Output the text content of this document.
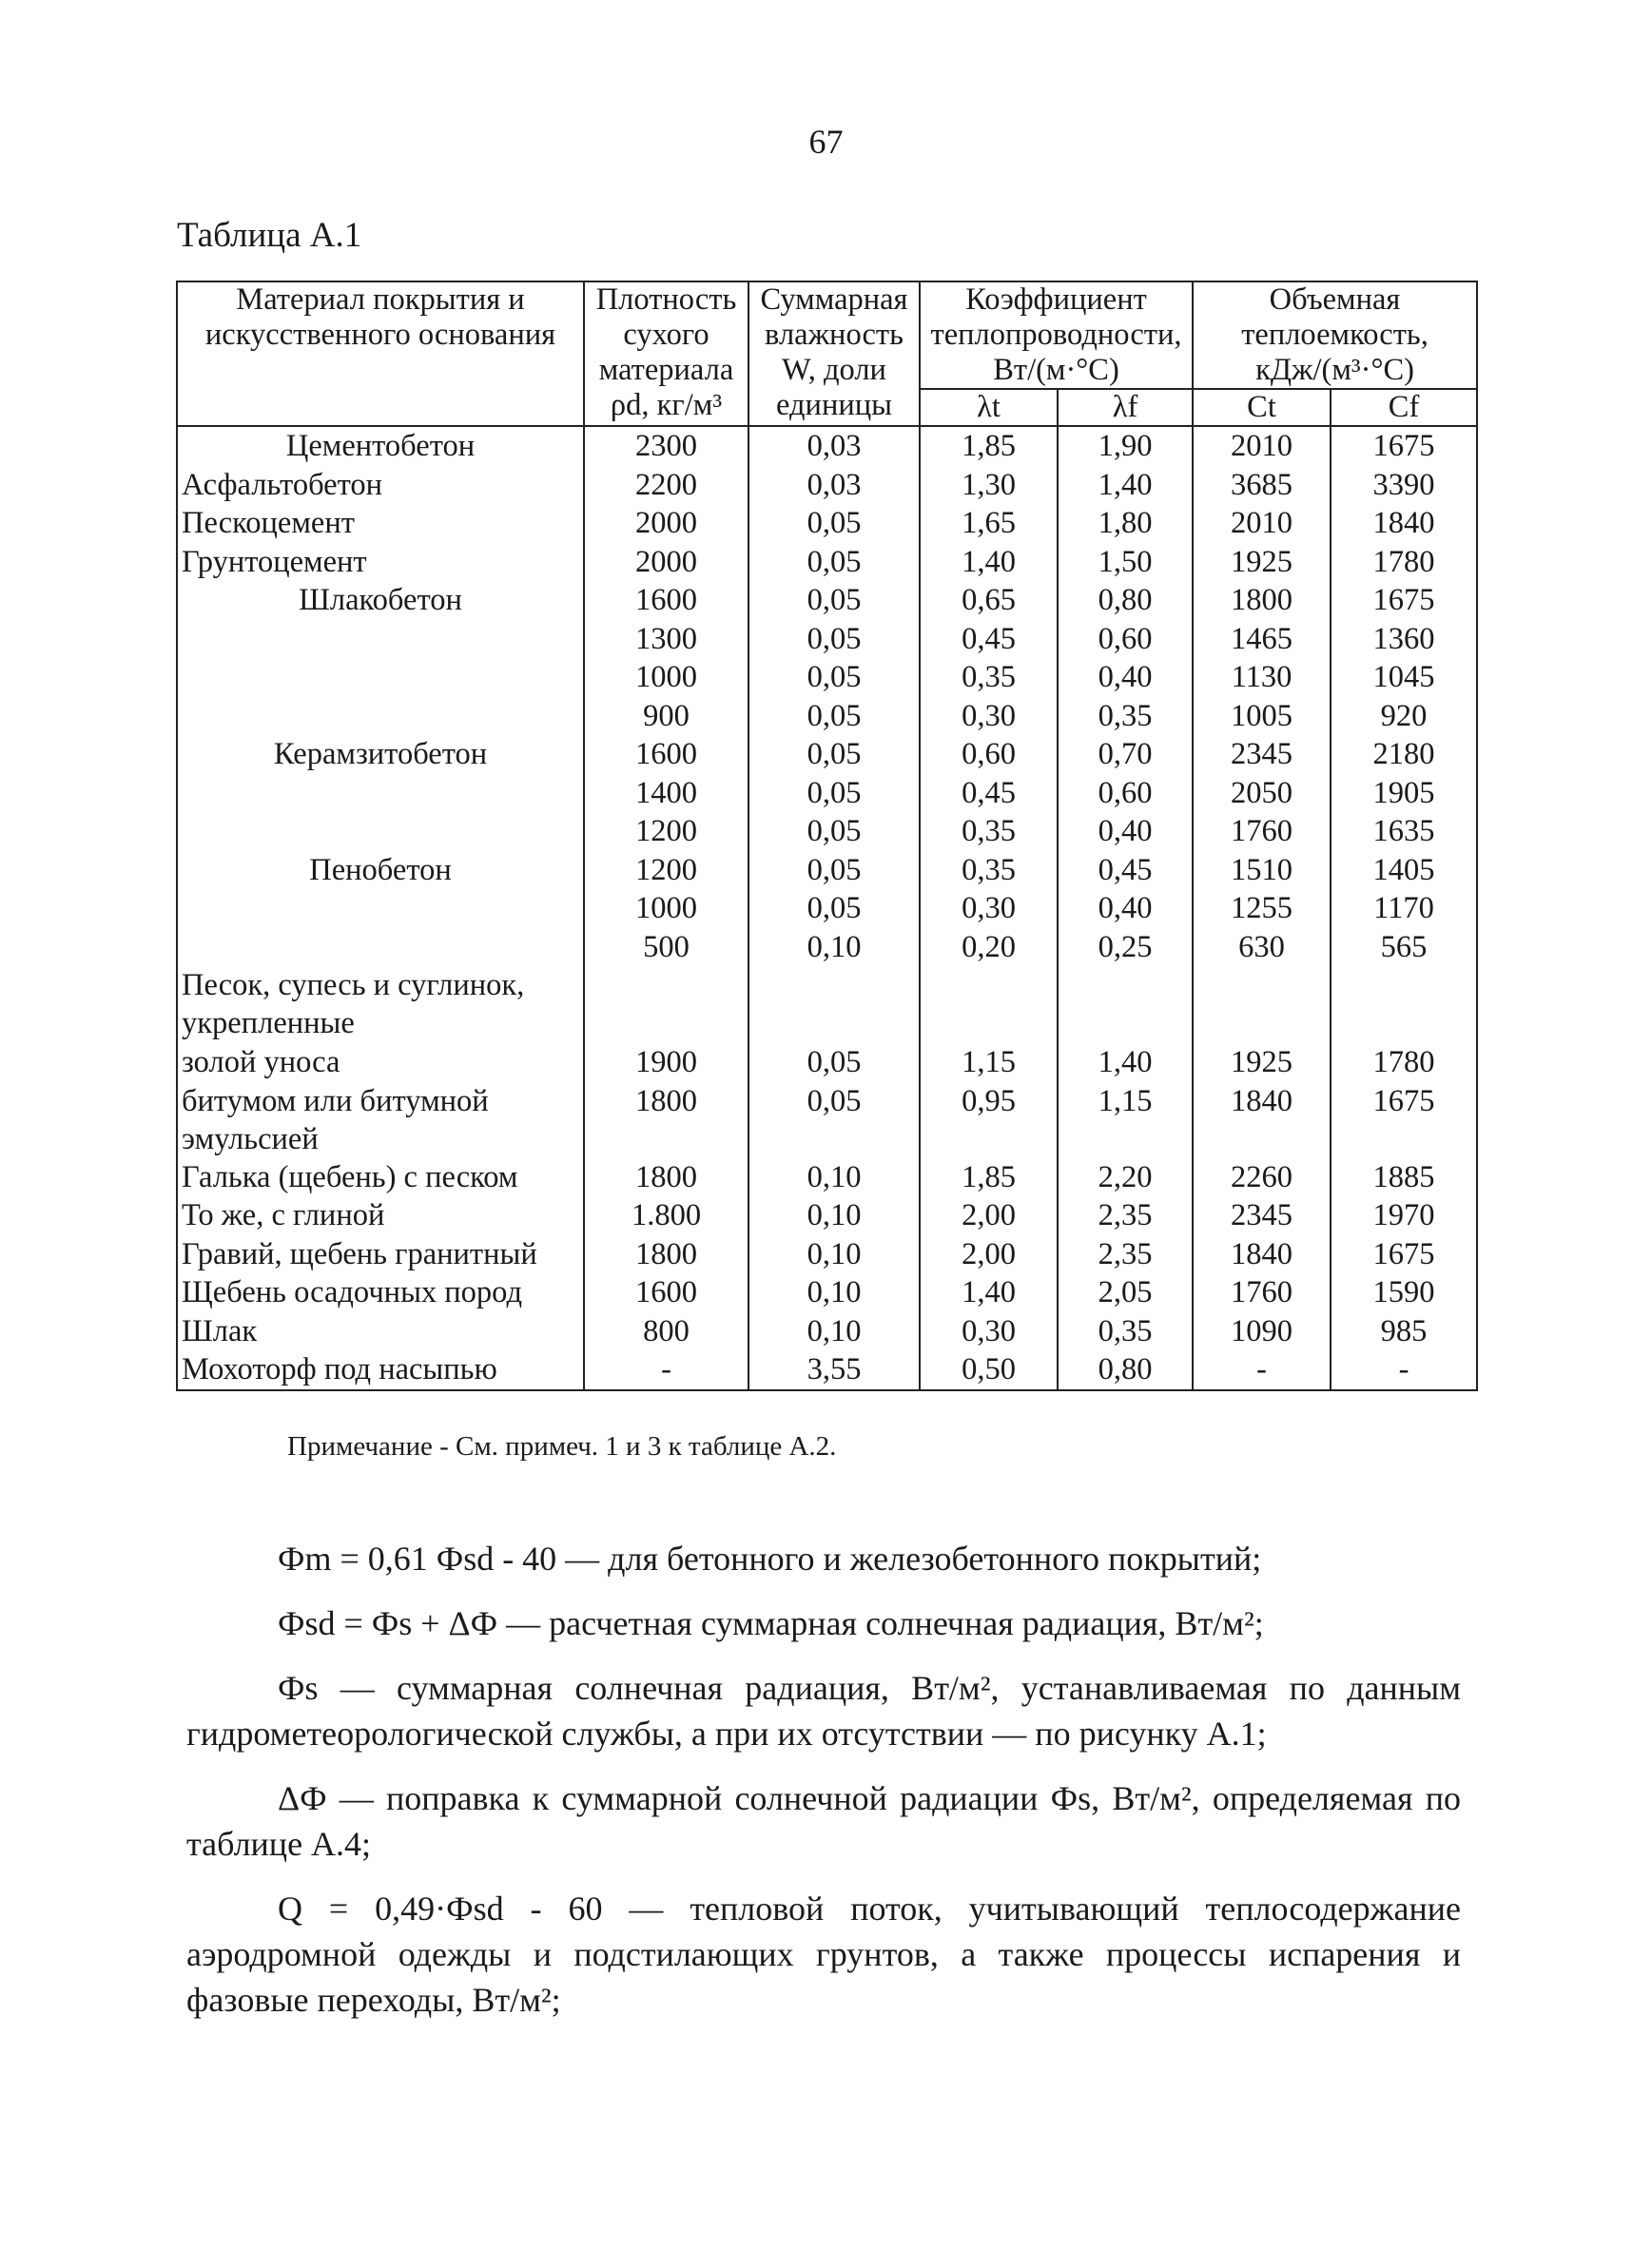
67
Таблица А.1
Материал покрытия и искусственного основания	Плотность сухого материала ρd, кг/м³	Суммарная влажность W, доли единицы	Коэффициент теплопроводности, Вт/(м·°С)		Объемная теплоемкость, кДж/(м³·°С)	
			λt	λf	Ct	Cf
Цементобетон	2300	0,03	1,85	1,90	2010	1675
Асфальтобетон	2200	0,03	1,30	1,40	3685	3390
Пескоцемент	2000	0,05	1,65	1,80	2010	1840
Грунтоцемент	2000	0,05	1,40	1,50	1925	1780
Шлакобетон	1600	0,05	0,65	0,80	1800	1675
	1300	0,05	0,45	0,60	1465	1360
	1000	0,05	0,35	0,40	1130	1045
	900	0,05	0,30	0,35	1005	920
Керамзитобетон	1600	0,05	0,60	0,70	2345	2180
	1400	0,05	0,45	0,60	2050	1905
	1200	0,05	0,35	0,40	1760	1635
Пенобетон	1200	0,05	0,35	0,45	1510	1405
	1000	0,05	0,30	0,40	1255	1170
	500	0,10	0,20	0,25	630	565
Песок, супесь и суглинок, укрепленные						
золой уноса	1900	0,05	1,15	1,40	1925	1780
битумом или битумной эмульсией	1800	0,05	0,95	1,15	1840	1675
Галька (щебень) с песком	1800	0,10	1,85	2,20	2260	1885
То же, с глиной	1.800	0,10	2,00	2,35	2345	1970
Гравий, щебень гранитный	1800	0,10	2,00	2,35	1840	1675
Щебень осадочных пород	1600	0,10	1,40	2,05	1760	1590
Шлак	800	0,10	0,30	0,35	1090	985
Мохоторф под насыпью	-	3,55	0,50	0,80	-	-
Примечание - См. примеч. 1 и 3 к таблице А.2.

Фm = 0,61 Фsd - 40 — для бетонного и железобетонного покрытий;

Фsd = Фs + ΔФ — расчетная суммарная солнечная радиация, Вт/м²;

Фs — суммарная солнечная радиация, Вт/м², устанавливаемая по данным гидрометеорологической службы, а при их отсутствии — по рисунку А.1;

ΔФ — поправка к суммарной солнечной радиации Фs, Вт/м², определяемая по таблице А.4;

Q = 0,49·Фsd - 60 — тепловой поток, учитывающий теплосодержание аэродромной одежды и подстилающих грунтов, а также процессы испарения и фазовые переходы, Вт/м²;
